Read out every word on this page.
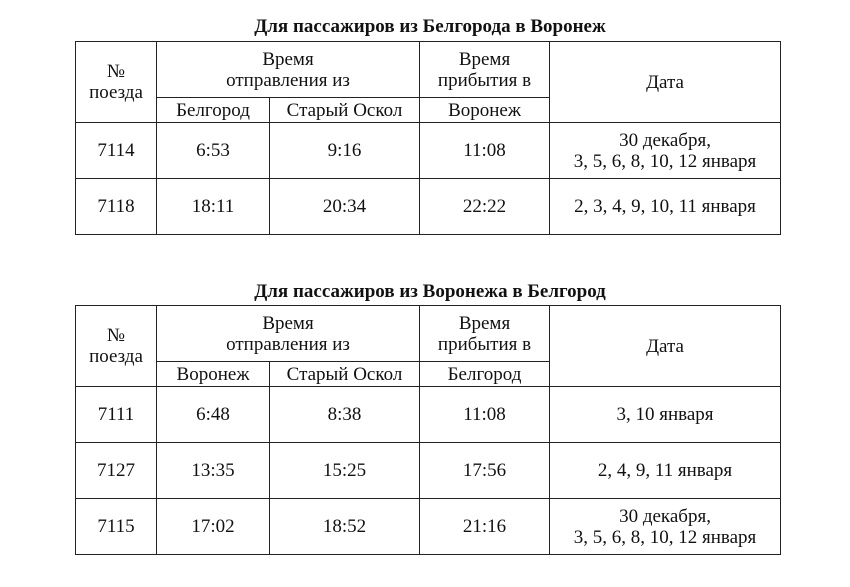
Для пассажиров из Белгорода в Воронеж
№
поезда	Время
отправления из		Время
прибытия в	Дата
	Белгород	Старый Оскол	Воронеж	
7114	6:53	9:16	11:08	30 декабря,
3, 5, 6, 8, 10, 12 января

7118	18:11	20:34	22:22	2, 3, 4, 9, 10, 11 января
Для пассажиров из Воронежа в Белгород
№
поезда	Время
отправления из		Время
прибытия в	Дата
	Воронеж	Старый Оскол	Белгород	
7111	6:48	8:38	11:08	3, 10 января

7127	13:35	15:25	17:56	2, 4, 9, 11 января

7115	17:02	18:52	21:16	30 декабря,
3, 5, 6, 8, 10, 12 января
